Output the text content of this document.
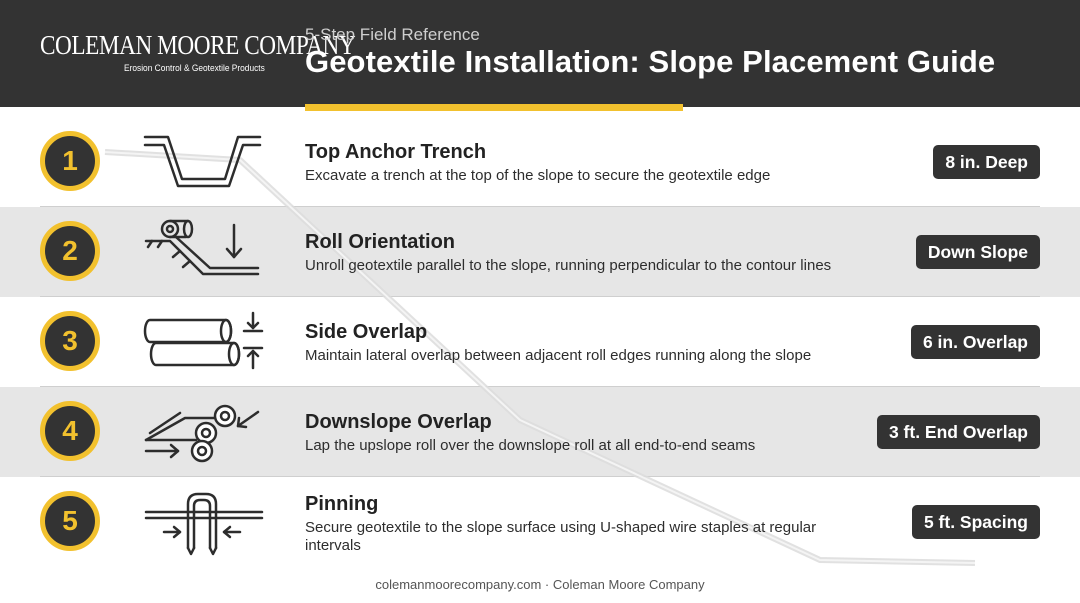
COLEMAN MOORE COMPANY
Erosion Control & Geotextile Products
5-Step Field Reference
Geotextile Installation: Slope Placement Guide
1	Top Anchor Trench
Excavate a trench at the top of the slope to secure the geotextile edge
8 in. Deep
2	Roll Orientation
Unroll geotextile parallel to the slope, running perpendicular to the contour lines
Down Slope
3	Side Overlap
Maintain lateral overlap between adjacent roll edges running along the slope
6 in. Overlap
4	Downslope Overlap
Lap the upslope roll over the downslope roll at all end-to-end seams
3 ft. End Overlap
5
Pinning
Secure geotextile to the slope surface using U-shaped wire staples at regular intervals
5 ft. Spacing
colemanmoorecompany.com · Coleman Moore Company
